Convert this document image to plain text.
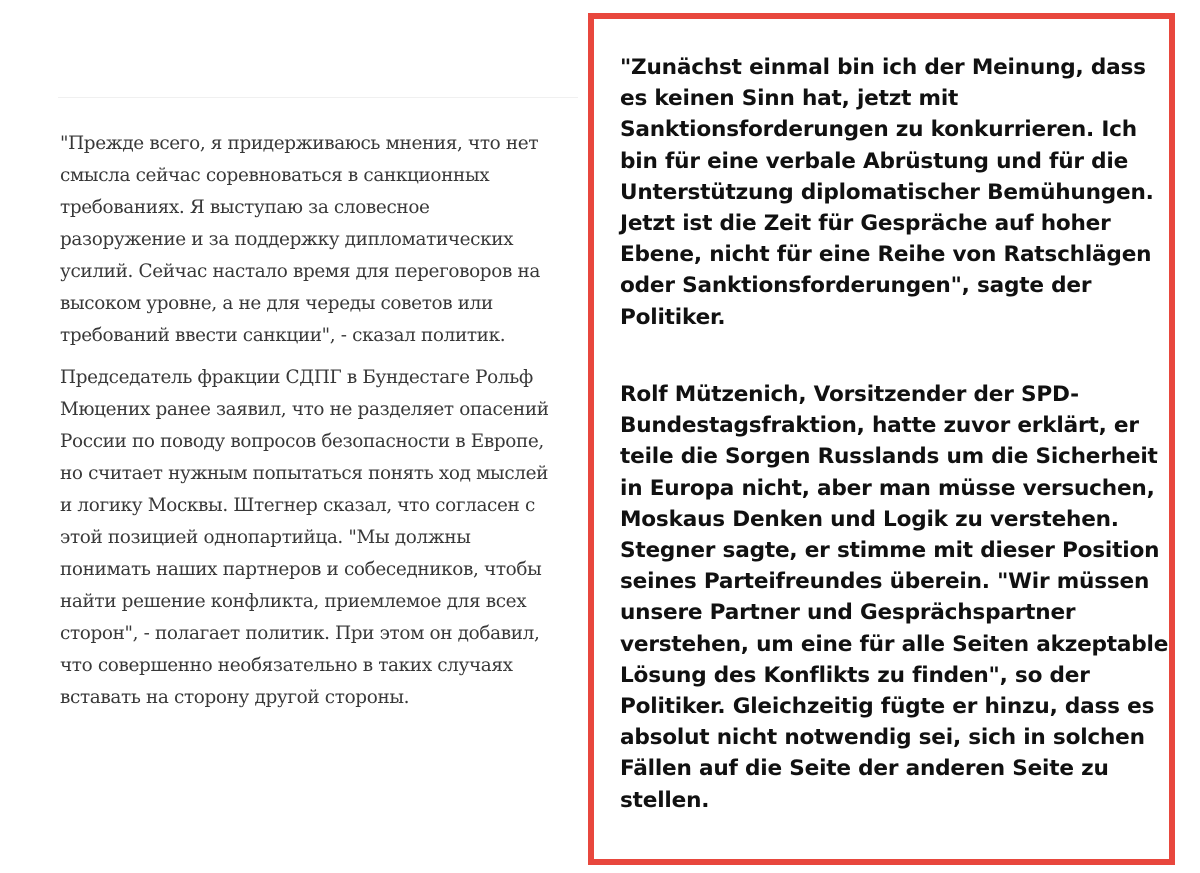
"Прежде всего, я придерживаюсь мнения, что нет
смысла сейчас соревноваться в санкционных
требованиях. Я выступаю за словесное
разоружение и за поддержку дипломатических
усилий. Сейчас настало время для переговоров на
высоком уровне, а не для череды советов или
требований ввести санкции", - сказал политик.

Председатель фракции СДПГ в Бундестаге Рольф
Мюцених ранее заявил, что не разделяет опасений
России по поводу вопросов безопасности в Европе,
но считает нужным попытаться понять ход мыслей
и логику Москвы. Штегнер сказал, что согласен с
этой позицией однопартийца. "Мы должны
понимать наших партнеров и собеседников, чтобы
найти решение конфликта, приемлемое для всех
сторон", - полагает политик. При этом он добавил,
что совершенно необязательно в таких случаях
вставать на сторону другой стороны.

"Zunächst einmal bin ich der Meinung, dass
es keinen Sinn hat, jetzt mit
Sanktionsforderungen zu konkurrieren. Ich
bin für eine verbale Abrüstung und für die
Unterstützung diplomatischer Bemühungen.
Jetzt ist die Zeit für Gespräche auf hoher
Ebene, nicht für eine Reihe von Ratschlägen
oder Sanktionsforderungen", sagte der
Politiker.

Rolf Mützenich, Vorsitzender der SPD-
Bundestagsfraktion, hatte zuvor erklärt, er
teile die Sorgen Russlands um die Sicherheit
in Europa nicht, aber man müsse versuchen,
Moskaus Denken und Logik zu verstehen.
Stegner sagte, er stimme mit dieser Position
seines Parteifreundes überein. "Wir müssen
unsere Partner und Gesprächspartner
verstehen, um eine für alle Seiten akzeptable
Lösung des Konflikts zu finden", so der
Politiker. Gleichzeitig fügte er hinzu, dass es
absolut nicht notwendig sei, sich in solchen
Fällen auf die Seite der anderen Seite zu
stellen.
